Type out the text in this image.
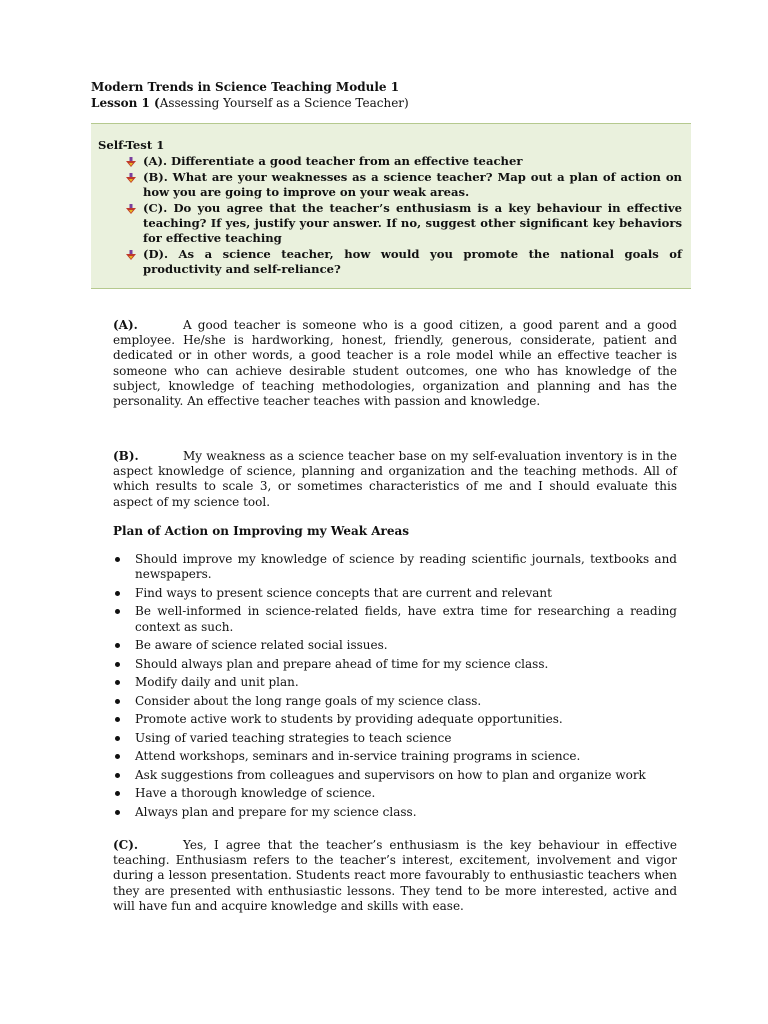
Modern Trends in Science Teaching Module 1
Lesson 1 (Assessing Yourself as a Science Teacher)
Self-Test 1
(A). Differentiate a good teacher from an effective teacher
(B). What are your weaknesses as a science teacher? Map out a plan of action on how you are going to improve on your weak areas.
(C). Do you agree that the teacher’s enthusiasm is a key behaviour in effective teaching? If yes, justify your answer. If no, suggest other significant key behaviors for effective teaching
(D). As a science teacher, how would you promote the national goals of productivity and self-reliance?

(A).	A good teacher is someone who is a good citizen, a good parent and a good employee. He/she is hardworking, honest, friendly, generous, considerate, patient and dedicated or in other words, a good teacher is a role model while an effective teacher is someone who can achieve desirable student outcomes, one who has knowledge of the subject, knowledge of teaching methodologies, organization and planning and has the personality. An effective teacher teaches with passion and knowledge.

(B).	My weakness as a science teacher base on my self-evaluation inventory is in the aspect knowledge of science, planning and organization and the teaching methods. All of which results to scale 3, or sometimes characteristics of me and I should evaluate this aspect of my science tool.

Plan of Action on Improving my Weak Areas
Should improve my knowledge of science by reading scientific journals, textbooks and newspapers.
Find ways to present science concepts that are current and relevant
Be well-informed in science-related fields, have extra time for researching a reading context as such.
Be aware of science related social issues.
Should always plan and prepare ahead of time for my science class.
Modify daily and unit plan.
Consider about the long range goals of my science class.
Promote active work to students by providing adequate opportunities.
Using of varied teaching strategies to teach science
Attend workshops, seminars and in-service training programs in science.
Ask suggestions from colleagues and supervisors on how to plan and organize work
Have a thorough knowledge of science.
Always plan and prepare for my science class.

(C).	Yes, I agree that the teacher’s enthusiasm is the key behaviour in effective teaching. Enthusiasm refers to the teacher’s interest, excitement, involvement and vigor during a lesson presentation. Students react more favourably to enthusiastic teachers when they are presented with enthusiastic lessons. They tend to be more interested, active and will have fun and acquire knowledge and skills with ease.
